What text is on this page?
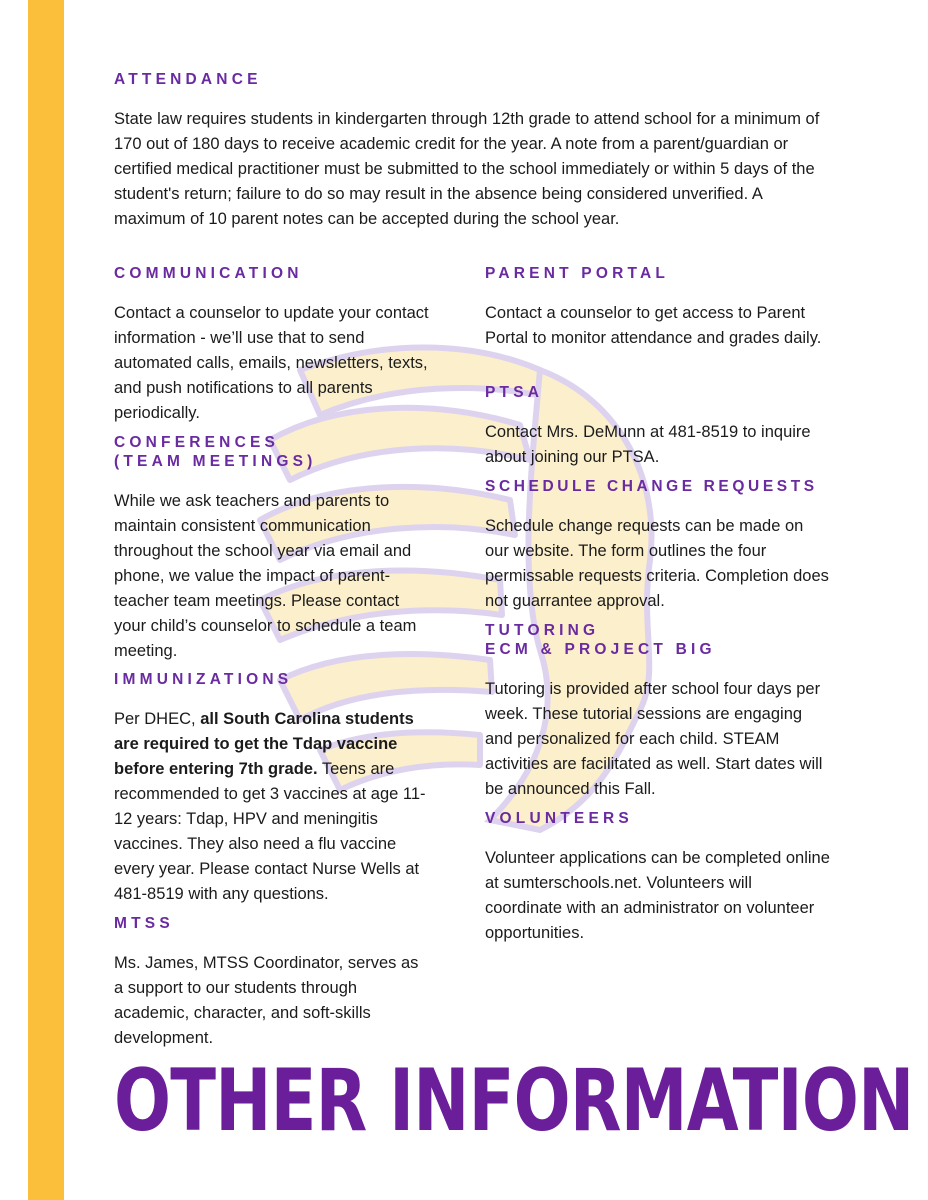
ATTENDANCE

State law requires students in kindergarten through 12th grade to attend school for a minimum of 170 out of 180 days to receive academic credit for the year. A note from a parent/guardian or certified medical practitioner must be submitted to the school immediately or within 5 days of the student's return; failure to do so may result in the absence being considered unverified. A maximum of 10 parent notes can be accepted during the school year.

COMMUNICATION

Contact a counselor to update your contact information - we’ll use that to send automated calls, emails, newsletters, texts, and push notifications to all parents periodically.

CONFERENCES
(TEAM MEETINGS)

While we ask teachers and parents to maintain consistent communication throughout the school year via email and phone, we value the impact of parent-teacher team meetings. Please contact your child’s counselor to schedule a team meeting.

IMMUNIZATIONS

Per DHEC, all South Carolina students are required to get the Tdap vaccine before entering 7th grade. Teens are recommended to get 3 vaccines at age 11-12 years: Tdap, HPV and meningitis vaccines. They also need a flu vaccine every year. Please contact Nurse Wells at 481-8519 with any questions.

MTSS

Ms. James, MTSS Coordinator, serves as a support to our students through academic, character, and soft-skills development.

PARENT PORTAL

Contact a counselor to get access to Parent Portal to monitor attendance and grades daily.

PTSA

Contact Mrs. DeMunn at 481-8519 to inquire about joining our PTSA.

SCHEDULE CHANGE REQUESTS

Schedule change requests can be made on our website. The form outlines the four permissable requests criteria. Completion does not guarrantee approval.

TUTORING
ECM & PROJECT BIG

Tutoring is provided after school four days per week. These tutorial sessions are engaging and personalized for each child. STEAM activities are facilitated as well. Start dates will be announced this Fall.

VOLUNTEERS

Volunteer applications can be completed online at sumterschools.net. Volunteers will coordinate with an administrator on volunteer opportunities.

OTHER INFORMATION
